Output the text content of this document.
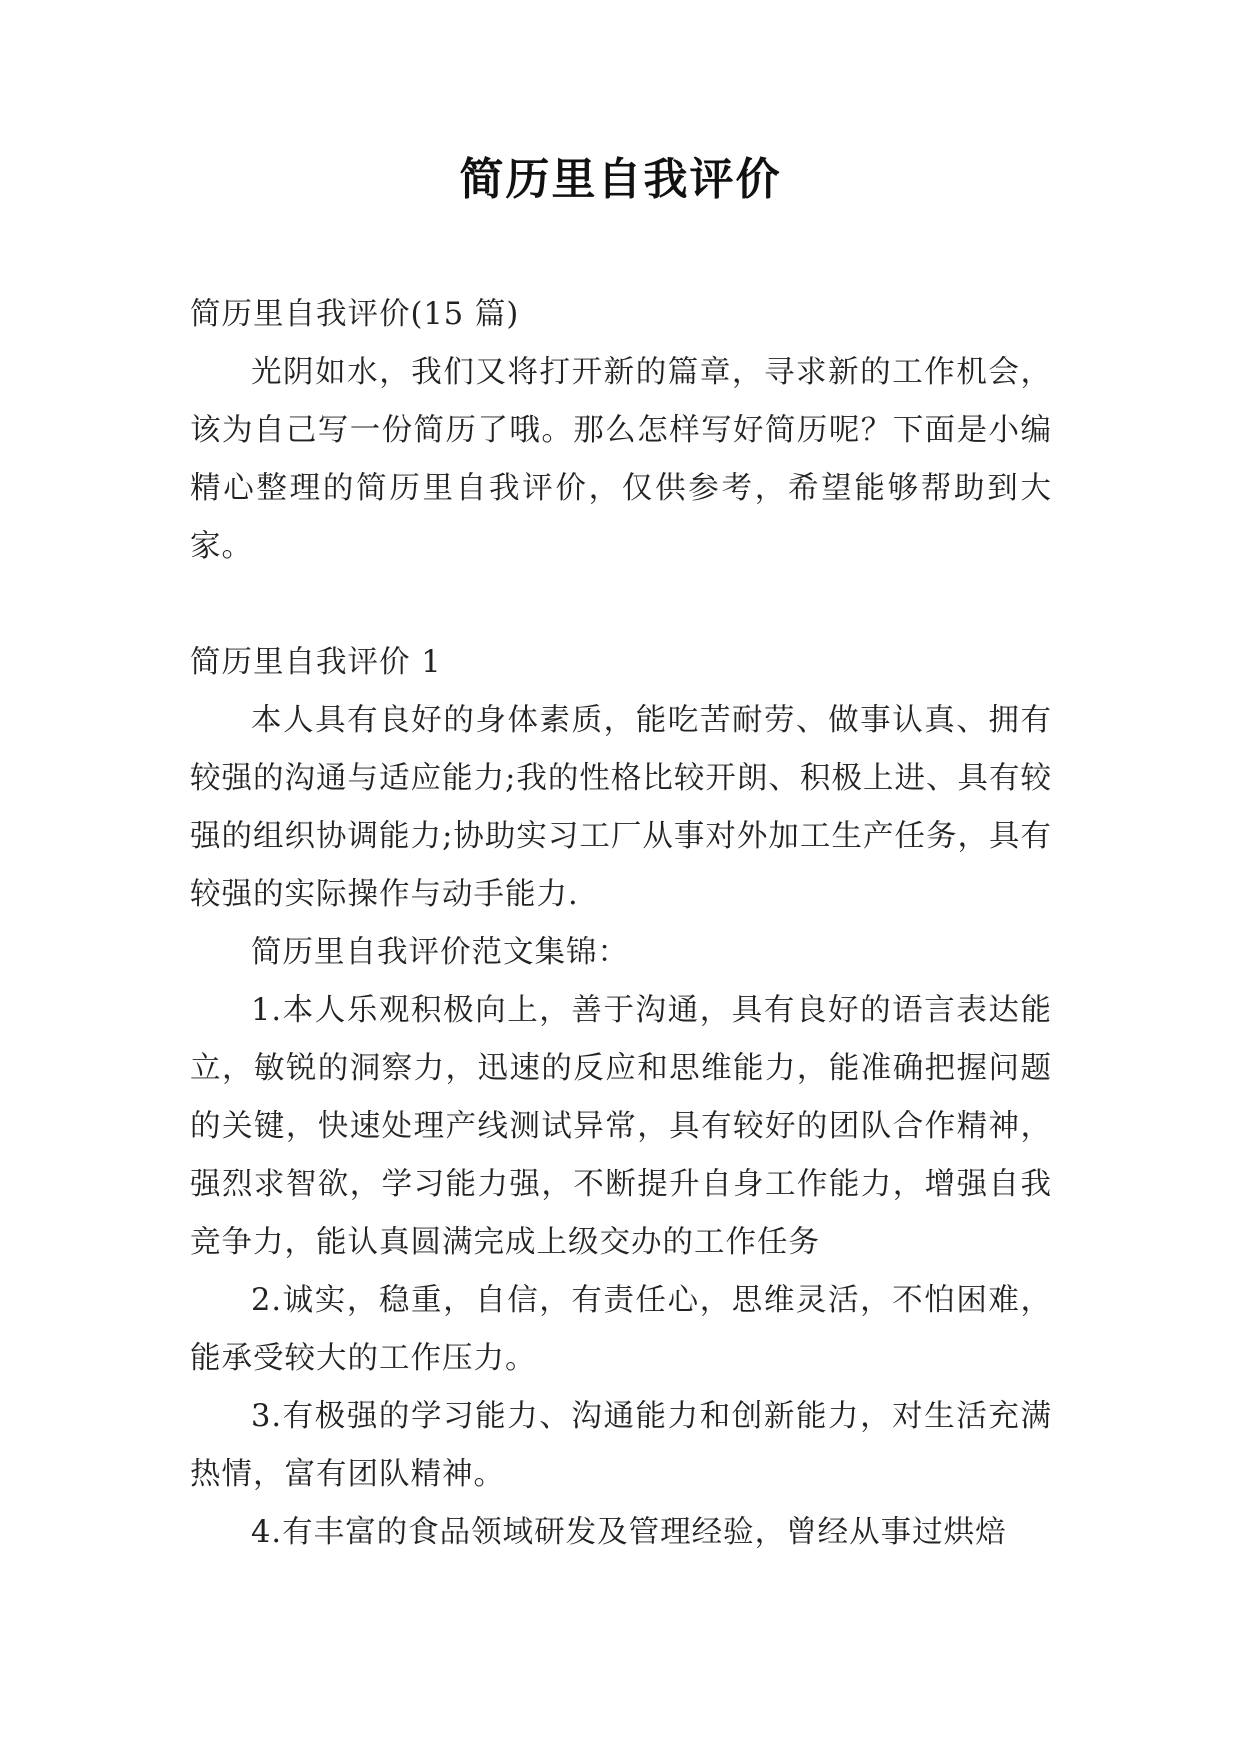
简历里自我评价

简历里自我评价(15 篇)

光阴如水，我们又将打开新的篇章，寻求新的工作机会，该为自己写一份简历了哦。那么怎样写好简历呢？下面是小编精心整理的简历里自我评价，仅供参考，希望能够帮助到大家。

简历里自我评价 1

本人具有良好的身体素质，能吃苦耐劳、做事认真、拥有较强的沟通与适应能力;我的性格比较开朗、积极上进、具有较强的组织协调能力;协助实习工厂从事对外加工生产任务，具有较强的实际操作与动手能力.

简历里自我评价范文集锦：

1.本人乐观积极向上，善于沟通，具有良好的语言表达能立，敏锐的洞察力，迅速的反应和思维能力，能准确把握问题的关键，快速处理产线测试异常，具有较好的团队合作精神，强烈求智欲，学习能力强，不断提升自身工作能力，增强自我竞争力，能认真圆满完成上级交办的工作任务

2.诚实，稳重，自信，有责任心，思维灵活，不怕困难，能承受较大的工作压力。

3.有极强的学习能力、沟通能力和创新能力，对生活充满热情，富有团队精神。

4.有丰富的食品领域研发及管理经验，曾经从事过烘焙
